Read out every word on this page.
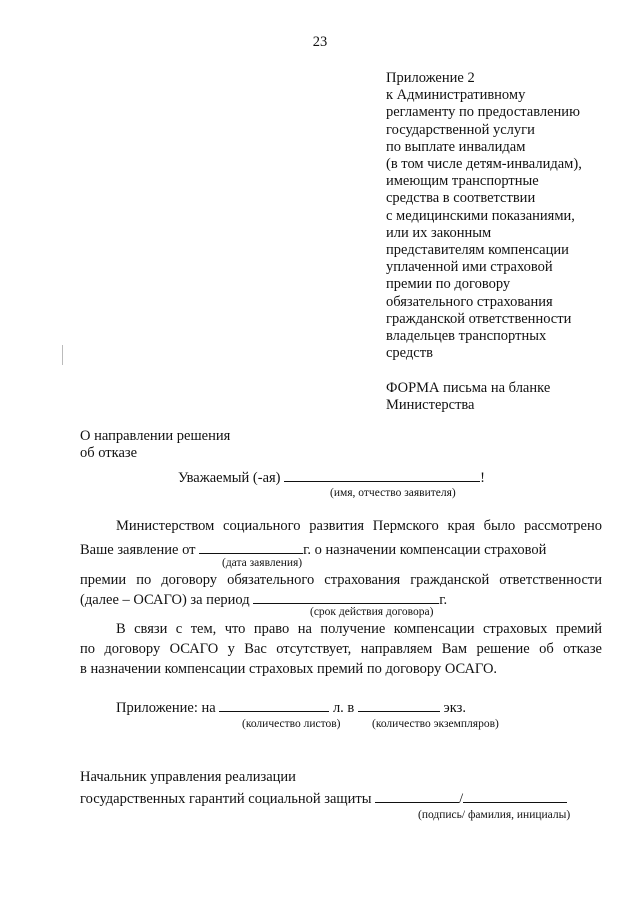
23
Приложение 2
к Административному
регламенту по предоставлению
государственной услуги
по выплате инвалидам
(в том числе детям-инвалидам),
имеющим транспортные
средства в соответствии
с медицинскими показаниями,
или их законным
представителям компенсации
уплаченной ими страховой
премии по договору
обязательного страхования
гражданской ответственности
владельцев транспортных
средств
ФОРМА письма на бланке
Министерства
О направлении решения
об отказе
Уважаемый (-ая)	!
(имя, отчество заявителя)
Министерством социального развития Пермского края было рассмотрено
Ваше заявление от	г. о назначении компенсации страховой
(дата заявления)
премии по договору обязательного страхования гражданской ответственности
(далее – ОСАГО) за период	г.
(срок действия договора)
В связи с тем, что право на получение компенсации страховых премий
по договору ОСАГО у Вас отсутствует, направляем Вам решение об отказе
в назначении компенсации страховых премий по договору ОСАГО.
Приложение: на	л. в	экз.
(количество листов)	(количество экземпляров)
Начальник управления реализации
государственных гарантий социальной защиты	/
(подпись/ фамилия, инициалы)
